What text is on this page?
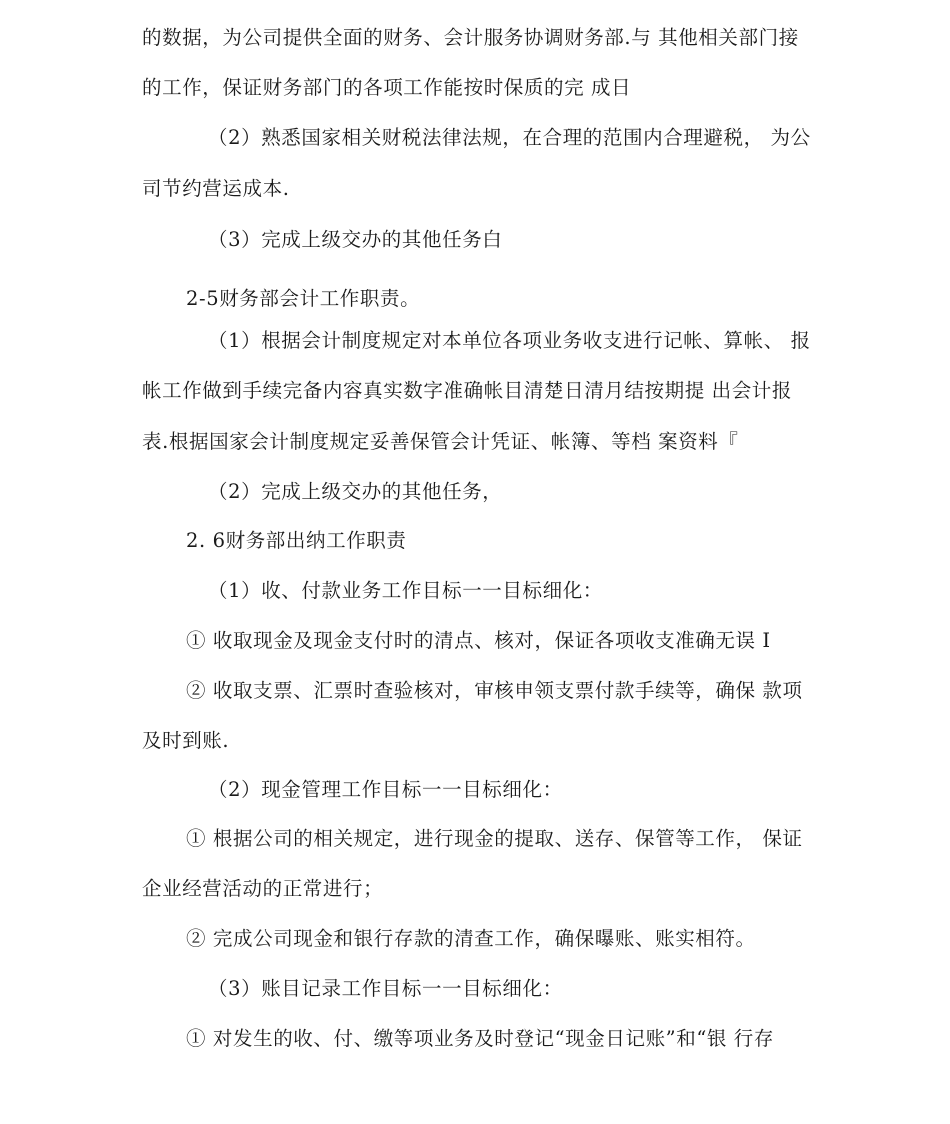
的数据，为公司提供全面的财务、会计服务协调财务部.与 其他相关部门接
的工作，保证财务部门的各项工作能按时保质的完 成日
（2）熟悉国家相关财税法律法规，在合理的范围内合理避税， 为公
司节约营运成本.
（3）完成上级交办的其他任务白
2-5财务部会计工作职责。
（1）根据会计制度规定对本单位各项业务收支进行记帐、算帐、 报
帐工作做到手续完备内容真实数字准确帐目清楚日清月结按期提 出会计报
表.根据国家会计制度规定妥善保管会计凭证、帐簿、等档 案资料『
（2）完成上级交办的其他任务，
2. 6财务部出纳工作职责
（1）收、付款业务工作目标一一目标细化：
① 收取现金及现金支付时的清点、核对，保证各项收支准确无误 I
② 收取支票、汇票时查验核对，审核申领支票付款手续等，确保 款项
及时到账.
（2）现金管理工作目标一一目标细化：
① 根据公司的相关规定，进行现金的提取、送存、保管等工作， 保证
企业经营活动的正常进行；
② 完成公司现金和银行存款的清查工作，确保曝账、账实相符。
（3）账目记录工作目标一一目标细化：
① 对发生的收、付、缴等项业务及时登记“现金日记账”和“银 行存
